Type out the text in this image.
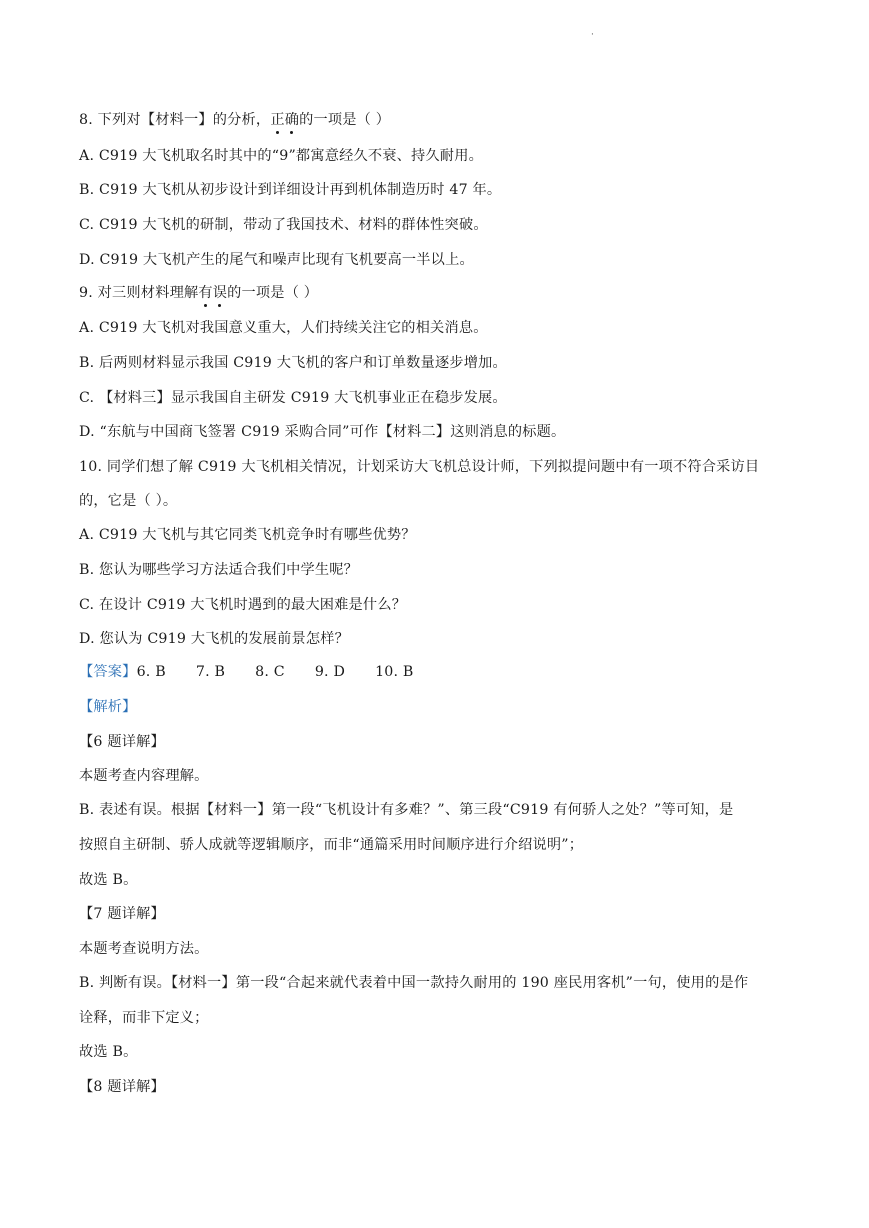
·
8. 下列对【材料一】的分析，正确的一项是（ ）
A. C919 大飞机取名时其中的“9”都寓意经久不衰、持久耐用。
B. C919 大飞机从初步设计到详细设计再到机体制造历时 47 年。
C. C919 大飞机的研制，带动了我国技术、材料的群体性突破。
D. C919 大飞机产生的尾气和噪声比现有飞机要高一半以上。
9. 对三则材料理解有误的一项是（ ）
A. C919 大飞机对我国意义重大，人们持续关注它的相关消息。
B. 后两则材料显示我国 C919 大飞机的客户和订单数量逐步增加。
C. 【材料三】显示我国自主研发 C919 大飞机事业正在稳步发展。
D. “东航与中国商飞签署 C919 采购合同”可作【材料二】这则消息的标题。
10. 同学们想了解 C919 大飞机相关情况，计划采访大飞机总设计师，下列拟提问题中有一项不符合采访目
的，它是（ ）。
A. C919 大飞机与其它同类飞机竞争时有哪些优势？
B. 您认为哪些学习方法适合我们中学生呢？
C. 在设计 C919 大飞机时遇到的最大困难是什么？
D. 您认为 C919 大飞机的发展前景怎样？
【答案】6. B 7. B 8. C 9. D 10. B
【解析】
【6 题详解】
本题考查内容理解。
B. 表述有误。根据【材料一】第一段“飞机设计有多难？”、第三段“C919 有何骄人之处？”等可知，是
按照自主研制、骄人成就等逻辑顺序，而非“通篇采用时间顺序进行介绍说明”；
故选 B。
【7 题详解】
本题考查说明方法。
B. 判断有误。【材料一】第一段“合起来就代表着中国一款持久耐用的 190 座民用客机”一句，使用的是作
诠释，而非下定义；
故选 B。
【8 题详解】
